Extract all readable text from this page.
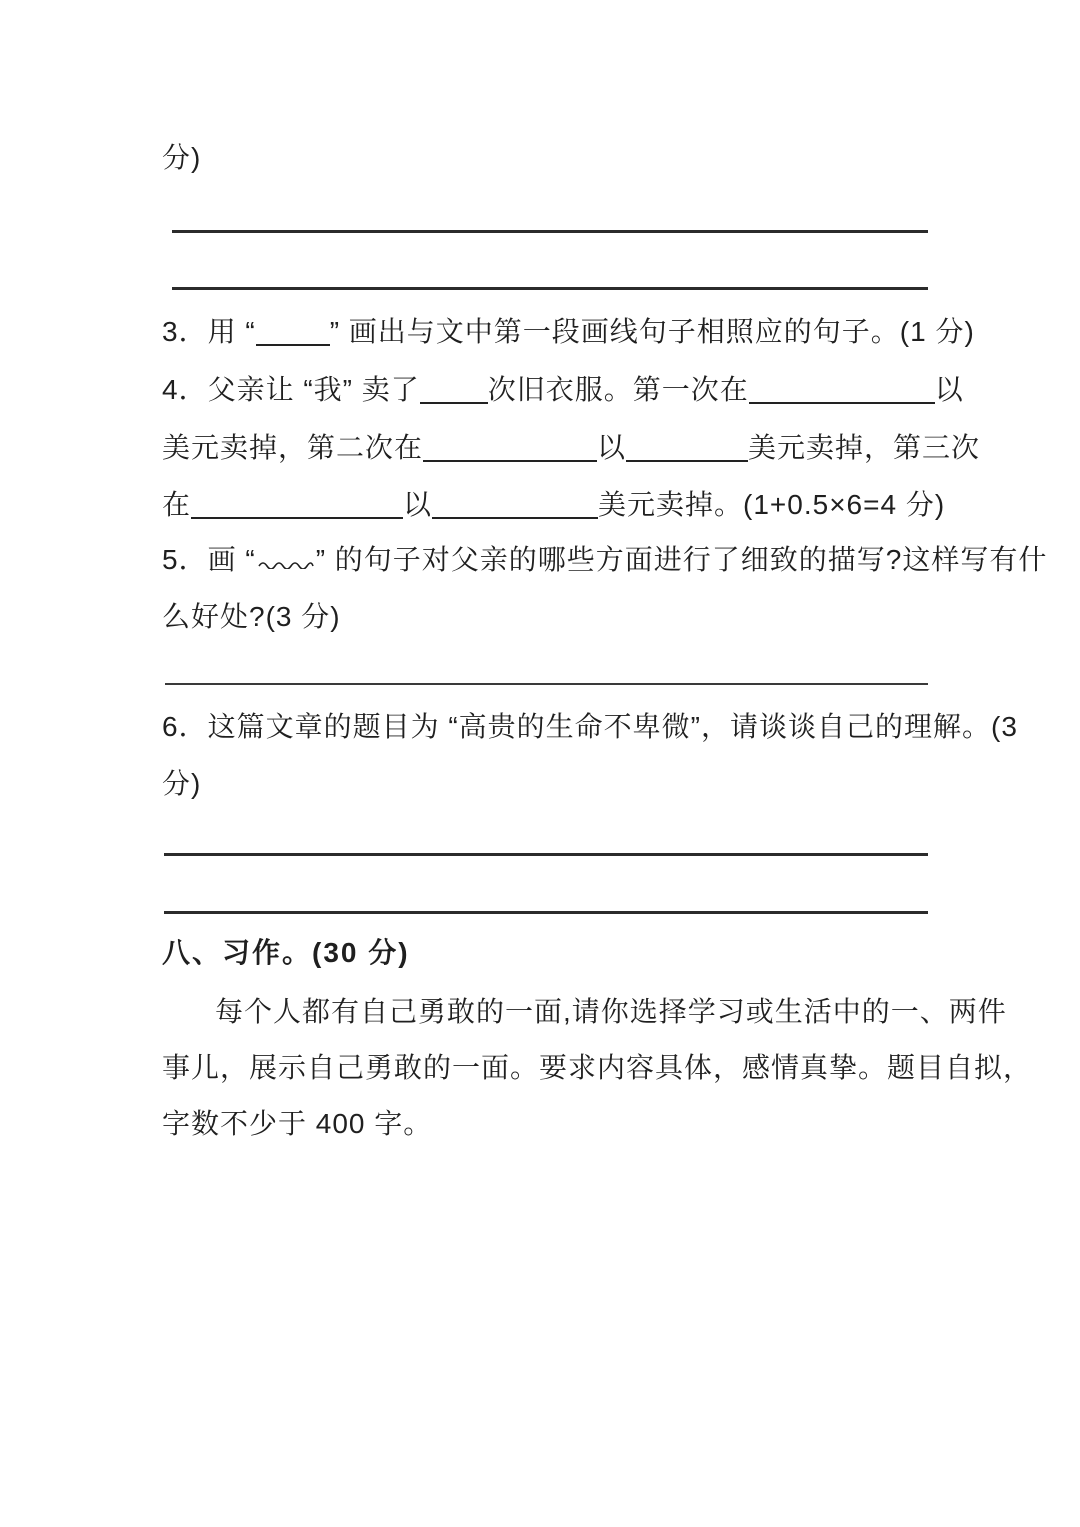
分)
3．用 “	” 画出与文中第一段画线句子相照应的句子。(1 分)
4．父亲让 “我” 卖了 次旧衣服。第一次在	以
美元卖掉，第二次在	以	美元卖掉，第三次
在	以	美元卖掉。(1+0.5×6=4 分)
5．画 “ ” 的句子对父亲的哪些方面进行了细致的描写?这样写有什
么好处?(3 分)
6．这篇文章的题目为 “高贵的生命不卑微”，请谈谈自己的理解。(3
分)
八、习作。(30 分)
每个人都有自己勇敢的一面,请你选择学习或生活中的一、两件
事儿，展示自己勇敢的一面。要求内容具体，感情真挚。题目自拟，
字数不少于 400 字。
